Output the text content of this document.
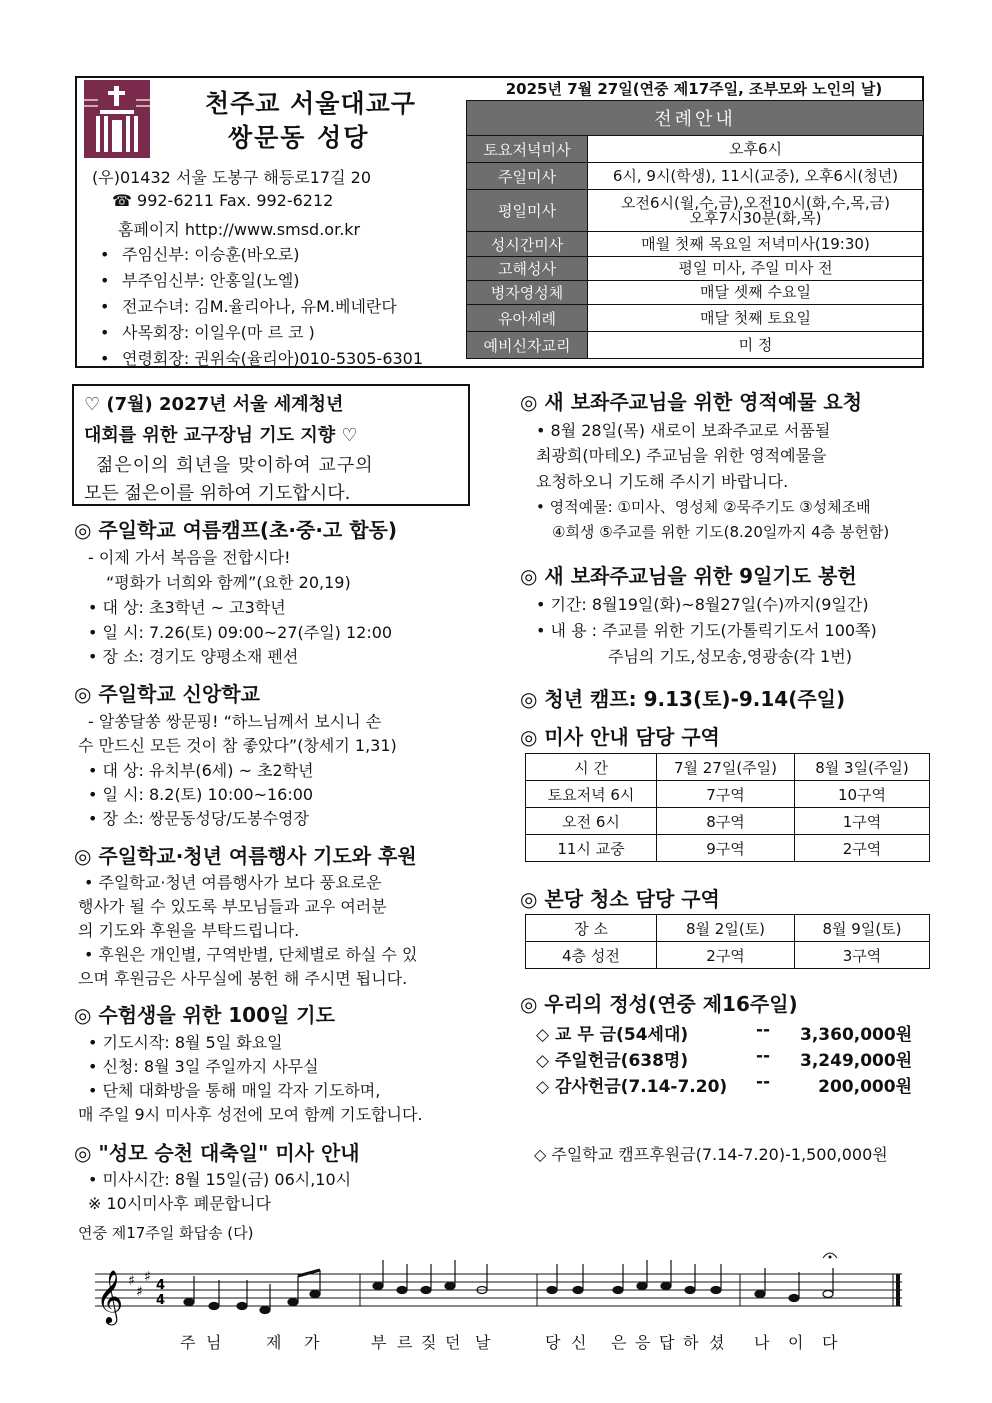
천주교 서울대교구
쌍문동 성당
(우)01432 서울 도봉구 해등로17길 20
☎ 992-6211 Fax. 992-6212
홈페이지 http://www.smsd.or.kr
• 주임신부: 이승훈(바오로)
• 부주임신부: 안홍일(노엘)
• 전교수녀: 김M.율리아나, 유M.베네란다
• 사목회장: 이일우(마 르 코 )
• 연령회장: 권위숙(율리아)010-5305-6301
2025년 7월 27일(연중 제17주일, 조부모와 노인의 날)
전례안내	
토요저녁미사	오후6시
주일미사	6시, 9시(학생), 11시(교중), 오후6시(청년)
평일미사	오전6시(월,수,금),오전10시(화,수,목,금)
오후7시30분(화,목)

성시간미사	매월 첫째 목요일 저녁미사(19:30)
고해성사	평일 미사, 주일 미사 전
병자영성체	매달 셋째 수요일
유아세례	매달 첫째 토요일
예비신자교리	미 정
♡ (7월) 2027년 서울 세계청년
대회를 위한 교구장님 기도 지향 ♡
젊은이의 희년을 맞이하여 교구의
모든 젊은이를 위하여 기도합시다.
◎ 주일학교 여름캠프(초·중·고 합동)
- 이제 가서 복음을 전합시다!
“평화가 너희와 함께”(요한 20,19)
• 대 상: 초3학년 ~ 고3학년
• 일 시: 7.26(토) 09:00~27(주일) 12:00
• 장 소: 경기도 양평소재 펜션
◎ 주일학교 신앙학교
- 알쏭달쏭 쌍문핑! “하느님께서 보시니 손
수 만드신 모든 것이 참 좋았다”(창세기 1,31)
• 대 상: 유치부(6세) ~ 초2학년
• 일 시: 8.2(토) 10:00~16:00
• 장 소: 쌍문동성당/도봉수영장
◎ 주일학교·청년 여름행사 기도와 후원
• 주일학교·청년 여름행사가 보다 풍요로운
행사가 될 수 있도록 부모님들과 교우 여러분
의 기도와 후원을 부탁드립니다.
• 후원은 개인별, 구역반별, 단체별로 하실 수 있
으며 후원금은 사무실에 봉헌 해 주시면 됩니다.
◎ 수험생을 위한 100일 기도
• 기도시작: 8월 5일 화요일
• 신청: 8월 3일 주일까지 사무실
• 단체 대화방을 통해 매일 각자 기도하며,
매 주일 9시 미사후 성전에 모여 함께 기도합니다.
◎ "성모 승천 대축일" 미사 안내
• 미사시간: 8월 15일(금) 06시,10시
※ 10시미사후 폐문합니다
◎ 새 보좌주교님을 위한 영적예물 요청
• 8월 28일(목) 새로이 보좌주교로 서품될
최광희(마테오) 주교님을 위한 영적예물을
요청하오니 기도해 주시기 바랍니다.
• 영적예물: ①미사、영성체 ②묵주기도 ③성체조배
④희생 ⑤주교를 위한 기도(8.20일까지 4층 봉헌함)
◎ 새 보좌주교님을 위한 9일기도 봉헌
• 기간: 8월19일(화)~8월27일(수)까지(9일간)
• 내 용 : 주교를 위한 기도(가톨릭기도서 100쪽)
주님의 기도,성모송,영광송(각 1번)
◎ 청년 캠프: 9.13(토)-9.14(주일)
◎ 미사 안내 담당 구역
시 간	7월 27일(주일)	8월 3일(주일)
토요저녁 6시	7구역	10구역
오전 6시	8구역	1구역
11시 교중	9구역	2구역
◎ 본당 청소 담당 구역
장 소	8월 2일(토)	8월 9일(토)
4층 성전	2구역	3구역
◎ 우리의 정성(연중 제16주일)
◇ 교 무 금(54세대)	-- 3,360,000원
◇ 주일헌금(638명)	-- 3,249,000원
◇ 감사헌금(7.14-7.20) --	200,000원
◇ 주일학교 캠프후원금(7.14-7.20)-1,500,000원
연중 제17주일 화답송 (다)
𝄞 ♯
♯
♯
4
4
주 님	제 가	부 르 짖 던 날	당 신 은 응 답 하 셨 나 이 다
